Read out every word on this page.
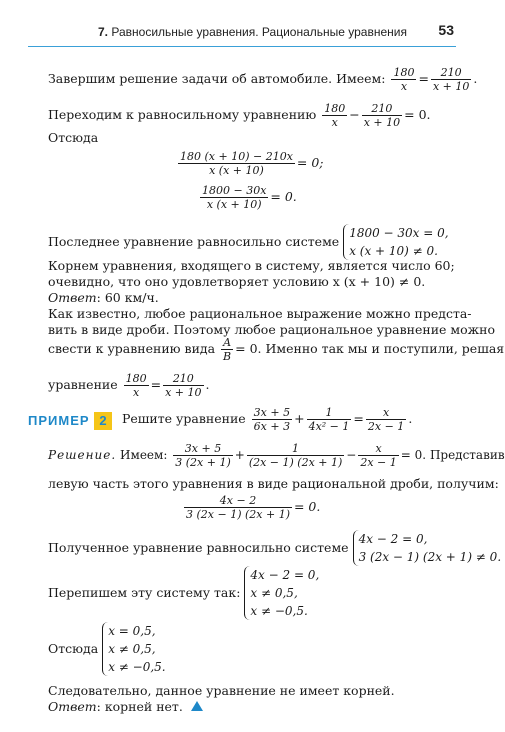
7. Равносильные уравнения. Рациональные уравнения 53
Завершим решение задачи об автомобиле. Имеем: $\frac{180}{x} = \frac{210}{x + 10}$ .
Переходим к равносильному уравнению $\frac{180}{x} - \frac{210}{x + 10} = 0$.
Отсюда
$\frac{180 (x + 10) - 210x}{x (x + 10)} = 0$;
$\frac{1800 - 30x}{x (x + 10)} = 0$.
Последнее уравнение равносильно системе
1800 − 30x = 0,
x (x + 10) ≠ 0.
Корнем уравнения, входящего в систему, является число 60;
очевидно, что оно удовлетворяет условию x (x + 10) ≠ 0.
Ответ: 60 км/ч.
Как известно, любое рациональное выражение можно предста-
вить в виде дроби. Поэтому любое рациональное уравнение можно
свести к уравнению вида $\frac{A}{B} = 0$. Именно так мы и поступили, решая
уравнение $\frac{180}{x} = \frac{210}{x + 10}$ .
ПРИМЕР 2	Решите уравнение $\frac{3x + 5}{6x + 3} + \frac{1}{\text{4x² − 1}} = \frac{x}{2x - 1}$ .
Решение. Имеем: $\frac{3x + 5}{3 (2x + 1)} + \frac{1}{(2x - 1) (2x + 1)} - \frac{x}{2x - 1} = 0$. Представив
левую часть этого уравнения в виде рациональной дроби, получим:
$\frac{4x - 2}{3 (2x - 1) (2x + 1)} = 0$.
Полученное уравнение равносильно системе
4x − 2 = 0,
3 (2x − 1) (2x + 1) ≠ 0.
Перепишем эту систему так:
4x − 2 = 0,
x ≠ 0,5,
x ≠ −0,5.
Отсюда
x = 0,5,
x ≠ 0,5,
x ≠ −0,5.
Следовательно, данное уравнение не имеет корней.
Ответ: корней нет.
